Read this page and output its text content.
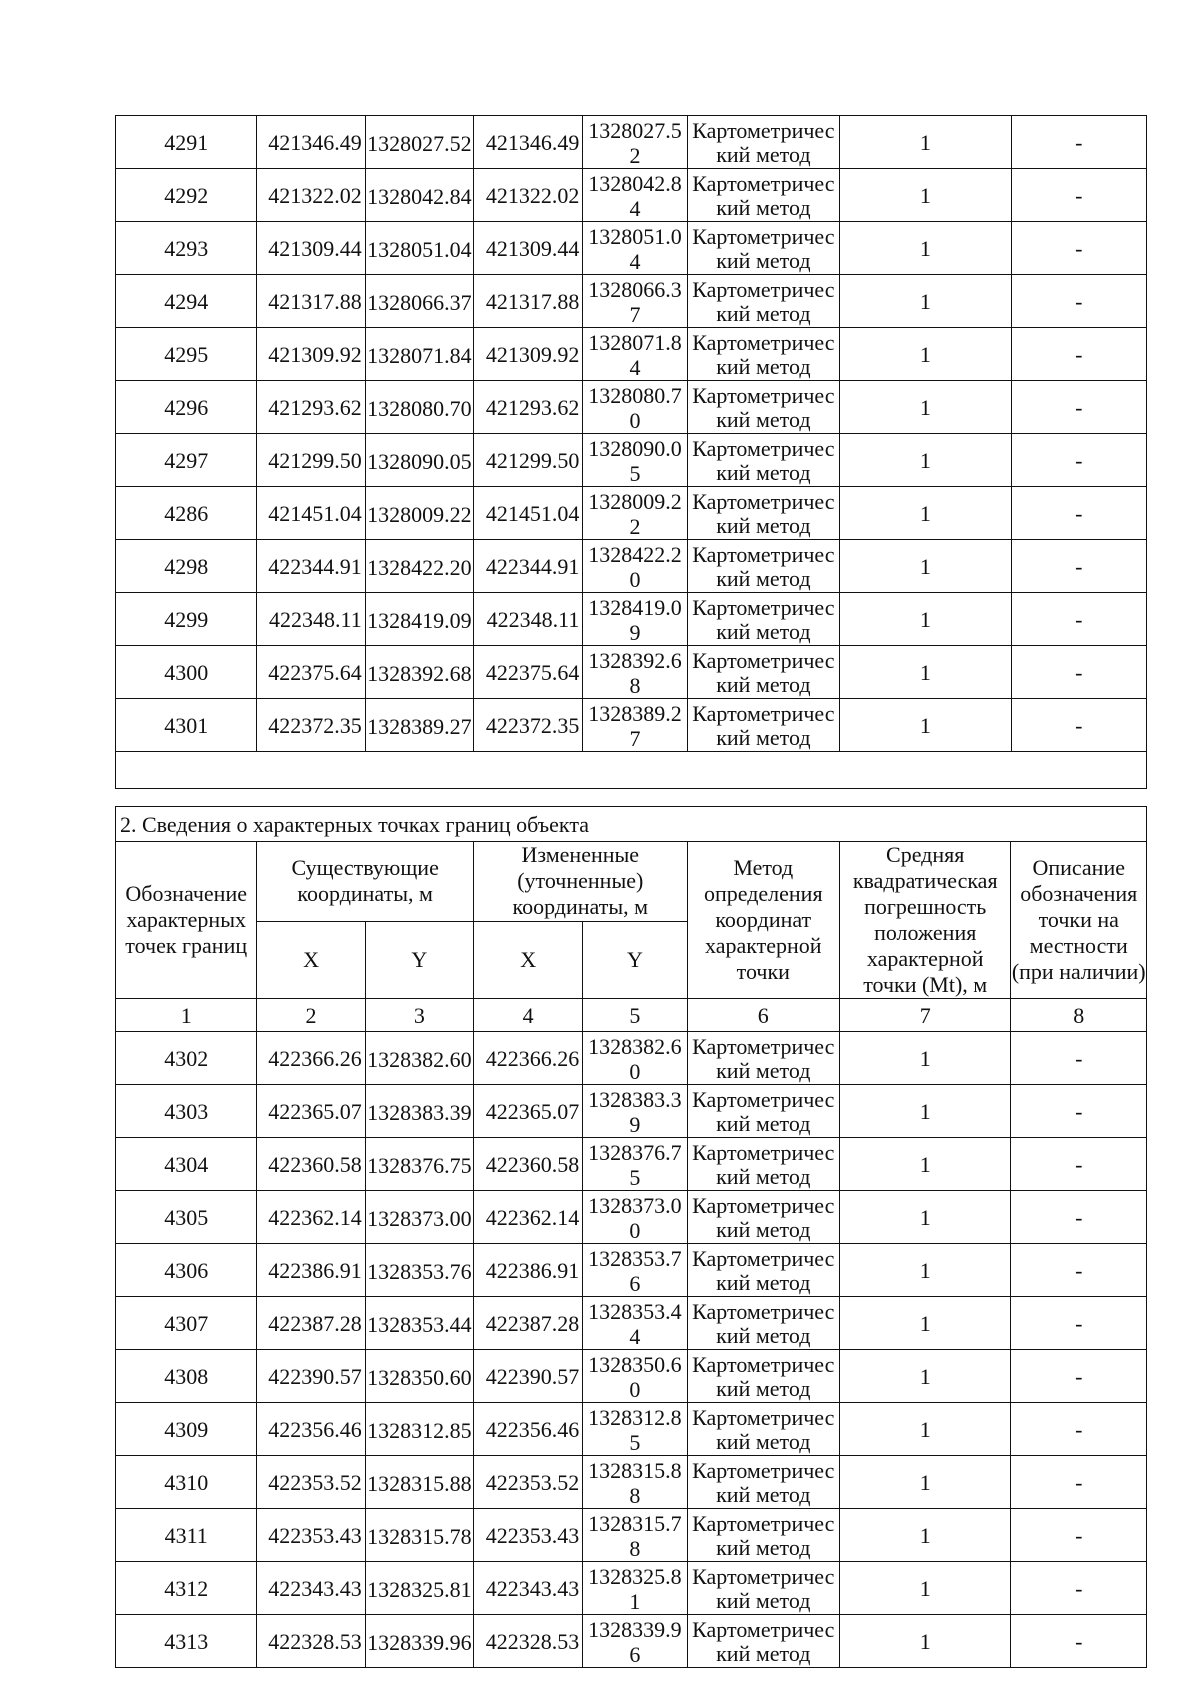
4291	421346.49	1328027.52	421346.49	1328027.52	Картометрический метод	1	-
4292	421322.02	1328042.84	421322.02	1328042.84	Картометрический метод	1	-
4293	421309.44	1328051.04	421309.44	1328051.04	Картометрический метод	1	-
4294	421317.88	1328066.37	421317.88	1328066.37	Картометрический метод	1	-
4295	421309.92	1328071.84	421309.92	1328071.84	Картометрический метод	1	-
4296	421293.62	1328080.70	421293.62	1328080.70	Картометрический метод	1	-
4297	421299.50	1328090.05	421299.50	1328090.05	Картометрический метод	1	-
4286	421451.04	1328009.22	421451.04	1328009.22	Картометрический метод	1	-
4298	422344.91	1328422.20	422344.91	1328422.20	Картометрический метод	1	-
4299	422348.11	1328419.09	422348.11	1328419.09	Картометрический метод	1	-
4300	422375.64	1328392.68	422375.64	1328392.68	Картометрический метод	1	-
4301	422372.35	1328389.27	422372.35	1328389.27	Картометрический метод	1	-

2. Сведения о характерных точках границ объекта							
Обозначение характерных точек границ	Существующие координаты, м		Измененные (уточненные) координаты, м		Метод определения координат характерной точки	Средняя квадратическая погрешность положения характерной точки (Mt), м	Описание обозначения точки на местности (при наличии)
	X	Y	X	Y			
1	2	3	4	5	6	7	8
4302	422366.26	1328382.60	422366.26	1328382.60	Картометрический метод	1	-
4303	422365.07	1328383.39	422365.07	1328383.39	Картометрический метод	1	-
4304	422360.58	1328376.75	422360.58	1328376.75	Картометрический метод	1	-
4305	422362.14	1328373.00	422362.14	1328373.00	Картометрический метод	1	-
4306	422386.91	1328353.76	422386.91	1328353.76	Картометрический метод	1	-
4307	422387.28	1328353.44	422387.28	1328353.44	Картометрический метод	1	-
4308	422390.57	1328350.60	422390.57	1328350.60	Картометрический метод	1	-
4309	422356.46	1328312.85	422356.46	1328312.85	Картометрический метод	1	-
4310	422353.52	1328315.88	422353.52	1328315.88	Картометрический метод	1	-
4311	422353.43	1328315.78	422353.43	1328315.78	Картометрический метод	1	-
4312	422343.43	1328325.81	422343.43	1328325.81	Картометрический метод	1	-
4313	422328.53	1328339.96	422328.53	1328339.96	Картометрический метод	1	-
